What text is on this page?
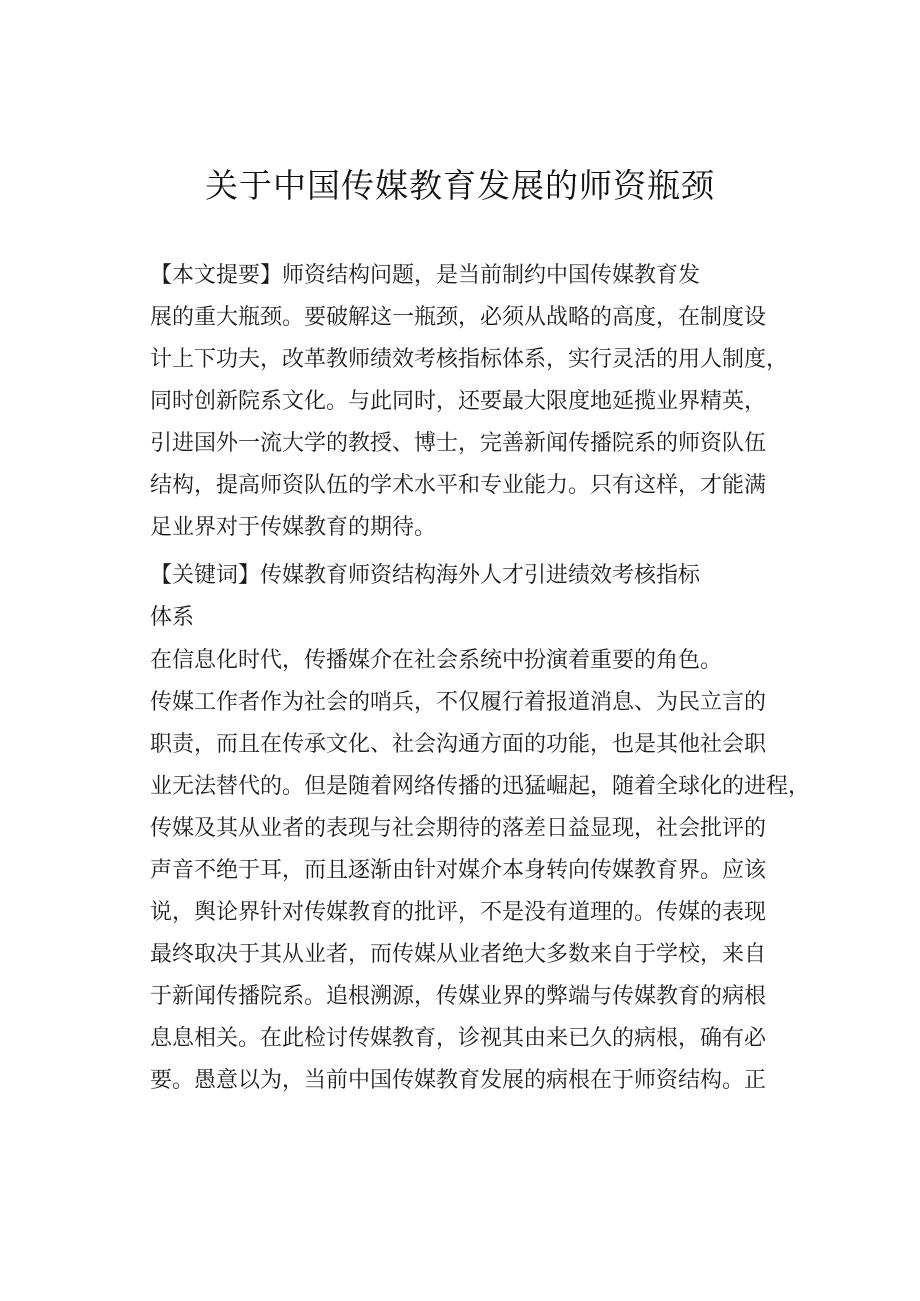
关于中国传媒教育发展的师资瓶颈

【本文提要】师资结构问题，是当前制约中国传媒教育发
展的重大瓶颈。要破解这一瓶颈，必须从战略的高度，在制度设
计上下功夫，改革教师绩效考核指标体系，实行灵活的用人制度，
同时创新院系文化。与此同时，还要最大限度地延揽业界精英，
引进国外一流大学的教授、博士，完善新闻传播院系的师资队伍
结构，提高师资队伍的学术水平和专业能力。只有这样，才能满
足业界对于传媒教育的期待。

【关键词】传媒教育师资结构海外人才引进绩效考核指标
体系

在信息化时代，传播媒介在社会系统中扮演着重要的角色。
传媒工作者作为社会的哨兵，不仅履行着报道消息、为民立言的
职责，而且在传承文化、社会沟通方面的功能，也是其他社会职
业无法替代的。但是随着网络传播的迅猛崛起，随着全球化的进程，
传媒及其从业者的表现与社会期待的落差日益显现，社会批评的
声音不绝于耳，而且逐渐由针对媒介本身转向传媒教育界。应该
说，舆论界针对传媒教育的批评，不是没有道理的。传媒的表现
最终取决于其从业者，而传媒从业者绝大多数来自于学校，来自
于新闻传播院系。追根溯源，传媒业界的弊端与传媒教育的病根
息息相关。在此检讨传媒教育，诊视其由来已久的病根，确有必
要。愚意以为，当前中国传媒教育发展的病根在于师资结构。正
